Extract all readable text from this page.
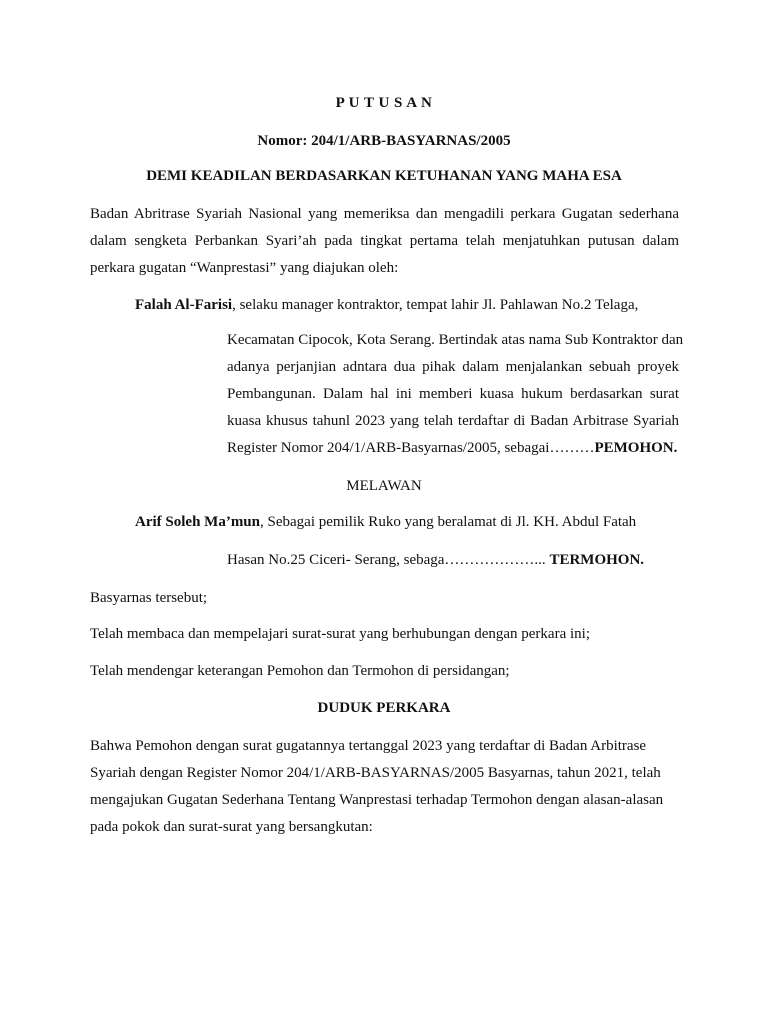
P U T U S A N
Nomor: 204/1/ARB-BASYARNAS/2005
DEMI KEADILAN BERDASARKAN KETUHANAN YANG MAHA ESA
Badan Abritrase Syariah Nasional yang memeriksa dan mengadili perkara Gugatan sederhana
dalam sengketa Perbankan Syari’ah pada tingkat pertama telah menjatuhkan putusan dalam
perkara gugatan “Wanprestasi” yang diajukan oleh:
Falah Al-Farisi, selaku manager kontraktor, tempat lahir Jl. Pahlawan No.2 Telaga,
Kecamatan Cipocok, Kota Serang. Bertindak atas nama Sub Kontraktor dan
adanya perjanjian adntara dua pihak dalam menjalankan sebuah proyek
Pembangunan. Dalam hal ini memberi kuasa hukum berdasarkan surat
kuasa khusus tahunl 2023 yang telah terdaftar di Badan Arbitrase Syariah
Register Nomor 204/1/ARB-Basyarnas/2005, sebagai………PEMOHON.
MELAWAN
Arif Soleh Ma’mun, Sebagai pemilik Ruko yang beralamat di Jl. KH. Abdul Fatah
Hasan No.25 Ciceri- Serang, sebaga………………... TERMOHON.
Basyarnas tersebut;
Telah membaca dan mempelajari surat-surat yang berhubungan dengan perkara ini;
Telah mendengar keterangan Pemohon dan Termohon di persidangan;
DUDUK PERKARA
Bahwa Pemohon dengan surat gugatannya tertanggal 2023 yang terdaftar di Badan Arbitrase
Syariah dengan Register Nomor 204/1/ARB-BASYARNAS/2005 Basyarnas, tahun 2021, telah
mengajukan Gugatan Sederhana Tentang Wanprestasi terhadap Termohon dengan alasan-alasan
pada pokok dan surat-surat yang bersangkutan:
